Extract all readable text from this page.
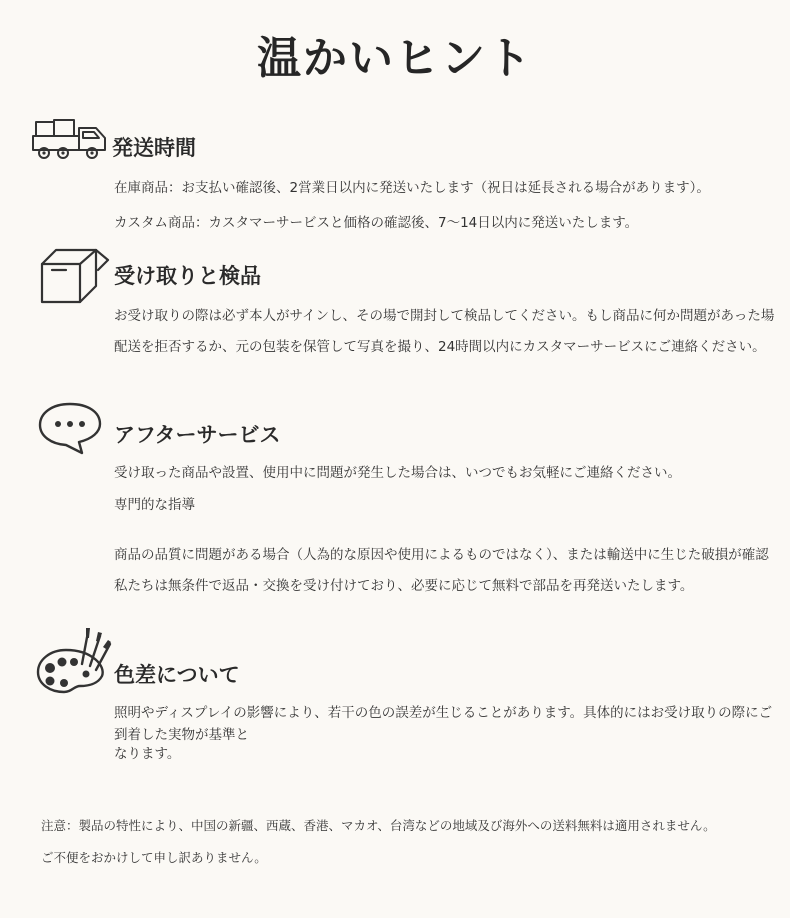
温かいヒント
発送時間

在庫商品：お支払い確認後、2営業日以内に発送いたします（祝日は延長される場合があります）。

カスタム商品：カスタマーサービスと価格の確認後、7〜14日以内に発送いたします。

受け取りと検品

お受け取りの際は必ず本人がサインし、その場で開封して検品してください。もし商品に何か問題があった場

配送を拒否するか、元の包装を保管して写真を撮り、24時間以内にカスタマーサービスにご連絡ください。

アフターサービス

受け取った商品や設置、使用中に問題が発生した場合は、いつでもお気軽にご連絡ください。

専門的な指導

商品の品質に問題がある場合（人為的な原因や使用によるものではなく）、または輸送中に生じた破損が確認

私たちは無条件で返品・交換を受け付けており、必要に応じて無料で部品を再発送いたします。

色差について

照明やディスプレイの影響により、若干の色の誤差が生じることがあります。具体的にはお受け取りの際にご

到着した実物が基準と

なります。

注意：製品の特性により、中国の新疆、西蔵、香港、マカオ、台湾などの地域及び海外への送料無料は適用されません。

ご不便をおかけして申し訳ありません。
